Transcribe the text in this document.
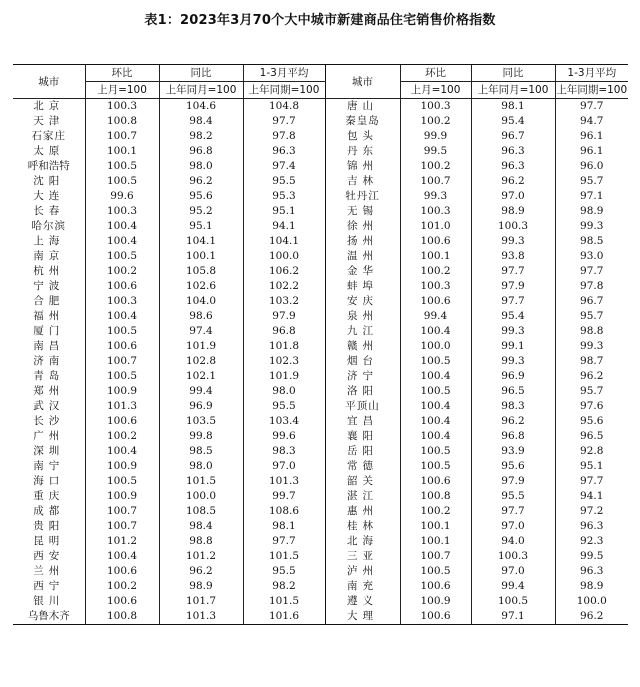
表1：2023年3月70个大中城市新建商品住宅销售价格指数
城市	环比	同比	1-3月平均	城市	环比	同比	1-3月平均
	上月=100	上年同月=100	上年同期=100		上月=100	上年同月=100	上年同期=100
北京	100.3	104.6	104.8	唐山	100.3	98.1	97.7
天津	100.8	98.4	97.7	秦皇岛	100.2	95.4	94.7
石家庄	100.7	98.2	97.8	包头	99.9	96.7	96.1
太原	100.1	96.8	96.3	丹东	99.5	96.3	96.1
呼和浩特	100.5	98.0	97.4	锦州	100.2	96.3	96.0
沈阳	100.5	96.2	95.5	吉林	100.7	96.2	95.7
大连	99.6	95.6	95.3	牡丹江	99.3	97.0	97.1
长春	100.3	95.2	95.1	无锡	100.3	98.9	98.9
哈尔滨	100.4	95.1	94.1	徐州	101.0	100.3	99.3
上海	100.4	104.1	104.1	扬州	100.6	99.3	98.5
南京	100.5	100.1	100.0	温州	100.1	93.8	93.0
杭州	100.2	105.8	106.2	金华	100.2	97.7	97.7
宁波	100.6	102.6	102.2	蚌埠	100.3	97.9	97.8
合肥	100.3	104.0	103.2	安庆	100.6	97.7	96.7
福州	100.4	98.6	97.9	泉州	99.4	95.4	95.7
厦门	100.5	97.4	96.8	九江	100.4	99.3	98.8
南昌	100.6	101.9	101.8	赣州	100.0	99.1	99.3
济南	100.7	102.8	102.3	烟台	100.5	99.3	98.7
青岛	100.5	102.1	101.9	济宁	100.4	96.9	96.2
郑州	100.9	99.4	98.0	洛阳	100.5	96.5	95.7
武汉	101.3	96.9	95.5	平顶山	100.4	98.3	97.6
长沙	100.6	103.5	103.4	宜昌	100.4	96.2	95.6
广州	100.2	99.8	99.6	襄阳	100.4	96.8	96.5
深圳	100.4	98.5	98.3	岳阳	100.5	93.9	92.8
南宁	100.9	98.0	97.0	常德	100.5	95.6	95.1
海口	100.5	101.5	101.3	韶关	100.6	97.9	97.7
重庆	100.9	100.0	99.7	湛江	100.8	95.5	94.1
成都	100.7	108.5	108.6	惠州	100.2	97.7	97.2
贵阳	100.7	98.4	98.1	桂林	100.1	97.0	96.3
昆明	101.2	98.8	97.7	北海	100.1	94.0	92.3
西安	100.4	101.2	101.5	三亚	100.7	100.3	99.5
兰州	100.6	96.2	95.5	泸州	100.5	97.0	96.3
西宁	100.2	98.9	98.2	南充	100.6	99.4	98.9
银川	100.6	101.7	101.5	遵义	100.9	100.5	100.0
乌鲁木齐	100.8	101.3	101.6	大理	100.6	97.1	96.2
